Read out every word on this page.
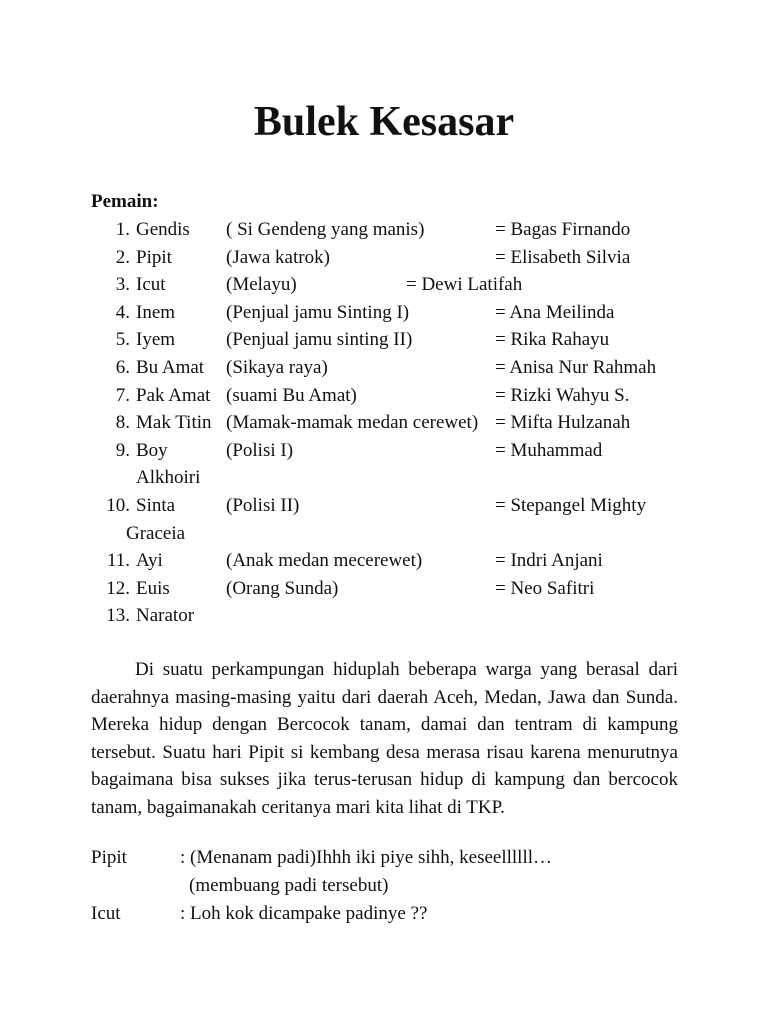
Bulek Kesasar
Pemain:
1. Gendis ( Si Gendeng yang manis)	= Bagas Firnando
2. Pipit	(Jawa katrok)	= Elisabeth Silvia
3. Icut	(Melayu)	= Dewi Latifah
4. Inem	(Penjual jamu Sinting I)	= Ana Meilinda
5. Iyem	(Penjual jamu sinting II)	= Rika Rahayu
6. Bu Amat (Sikaya raya)	= Anisa Nur Rahmah
7. Pak Amat (suami Bu Amat)	= Rizki Wahyu S.
8. Mak Titin (Mamak-mamak medan cerewet) = Mifta Hulzanah
9. Boy	(Polisi I)	= Muhammad
Alkhoiri
10. Sinta	(Polisi II)	= Stepangel Mighty
Graceia
11. Ayi	(Anak medan mecerewet)	= Indri Anjani
12. Euis	(Orang Sunda)	= Neo Safitri
13. Narator

Di suatu perkampungan hiduplah beberapa warga yang berasal dari daerahnya masing-masing yaitu dari daerah Aceh, Medan, Jawa dan Sunda. Mereka hidup dengan Bercocok tanam, damai dan tentram di kampung tersebut. Suatu hari Pipit si kembang desa merasa risau karena menurutnya bagaimana bisa sukses jika terus-terusan hidup di kampung dan bercocok tanam, bagaimanakah ceritanya mari kita lihat di TKP.

Pipit	: (Menanam padi)Ihhh iki piye sihh, keseellllll…
(membuang padi tersebut)
Icut	: Loh kok dicampake padinye ??
